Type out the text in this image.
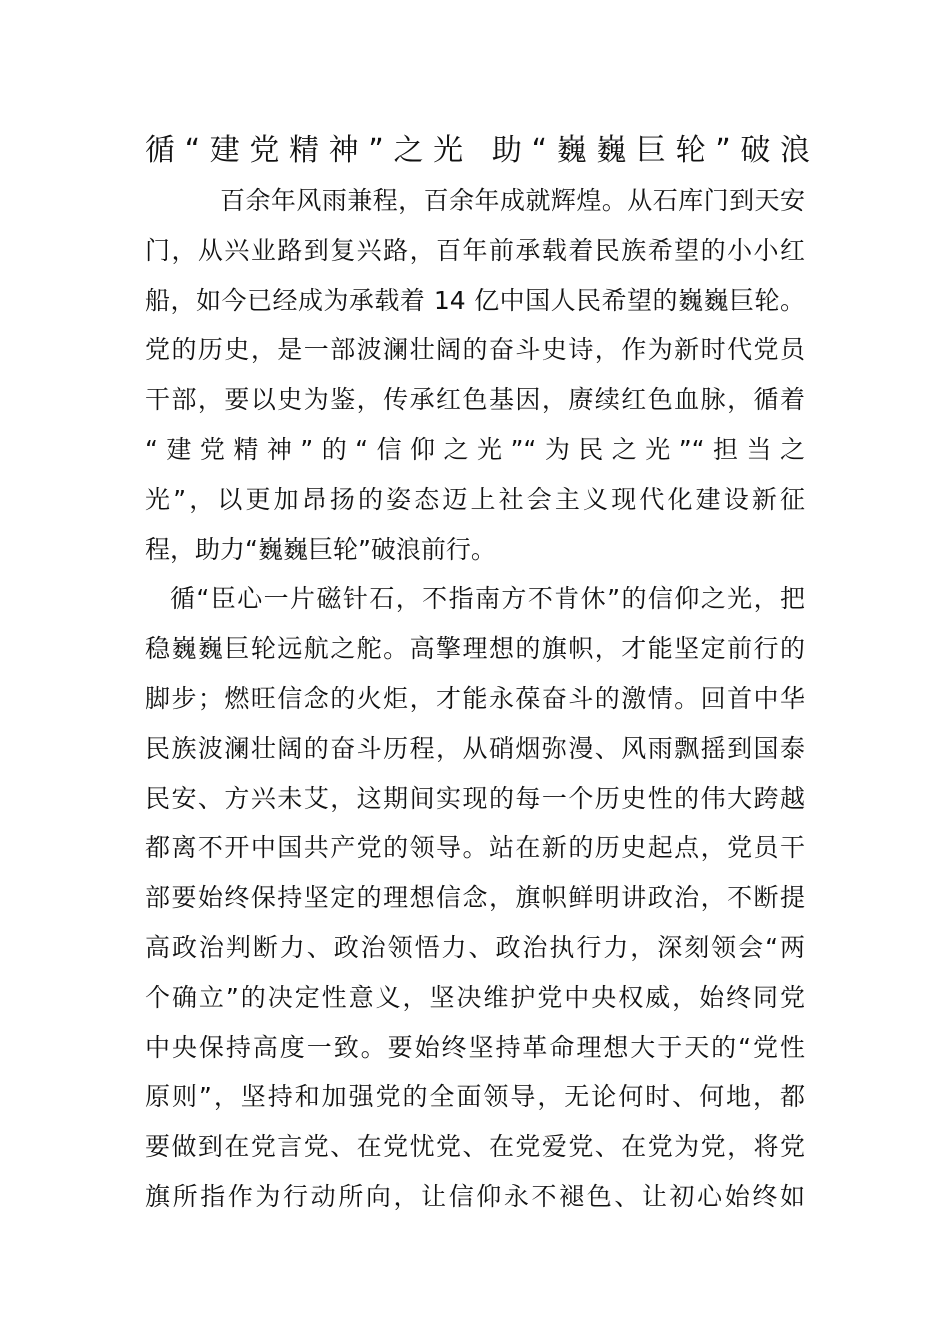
循“建党精神”之光 助“巍巍巨轮”破浪
百余年风雨兼程，百余年成就辉煌。从石库门到天安
门，从兴业路到复兴路，百年前承载着民族希望的小小红
船，如今已经成为承载着 14 亿中国人民希望的巍巍巨轮。
党的历史，是一部波澜壮阔的奋斗史诗，作为新时代党员
干部，要以史为鉴，传承红色基因，赓续红色血脉，循着
“建党精神”的“信仰之光”“为民之光”“担当之
光”，以更加昂扬的姿态迈上社会主义现代化建设新征
程，助力“巍巍巨轮”破浪前行。
循“臣心一片磁针石，不指南方不肯休”的信仰之光，把
稳巍巍巨轮远航之舵。高擎理想的旗帜，才能坚定前行的
脚步；燃旺信念的火炬，才能永葆奋斗的激情。回首中华
民族波澜壮阔的奋斗历程，从硝烟弥漫、风雨飘摇到国泰
民安、方兴未艾，这期间实现的每一个历史性的伟大跨越
都离不开中国共产党的领导。站在新的历史起点，党员干
部要始终保持坚定的理想信念，旗帜鲜明讲政治，不断提
高政治判断力、政治领悟力、政治执行力，深刻领会“两
个确立”的决定性意义，坚决维护党中央权威，始终同党
中央保持高度一致。要始终坚持革命理想大于天的“党性
原则”，坚持和加强党的全面领导，无论何时、何地，都
要做到在党言党、在党忧党、在党爱党、在党为党，将党
旗所指作为行动所向，让信仰永不褪色、让初心始终如
